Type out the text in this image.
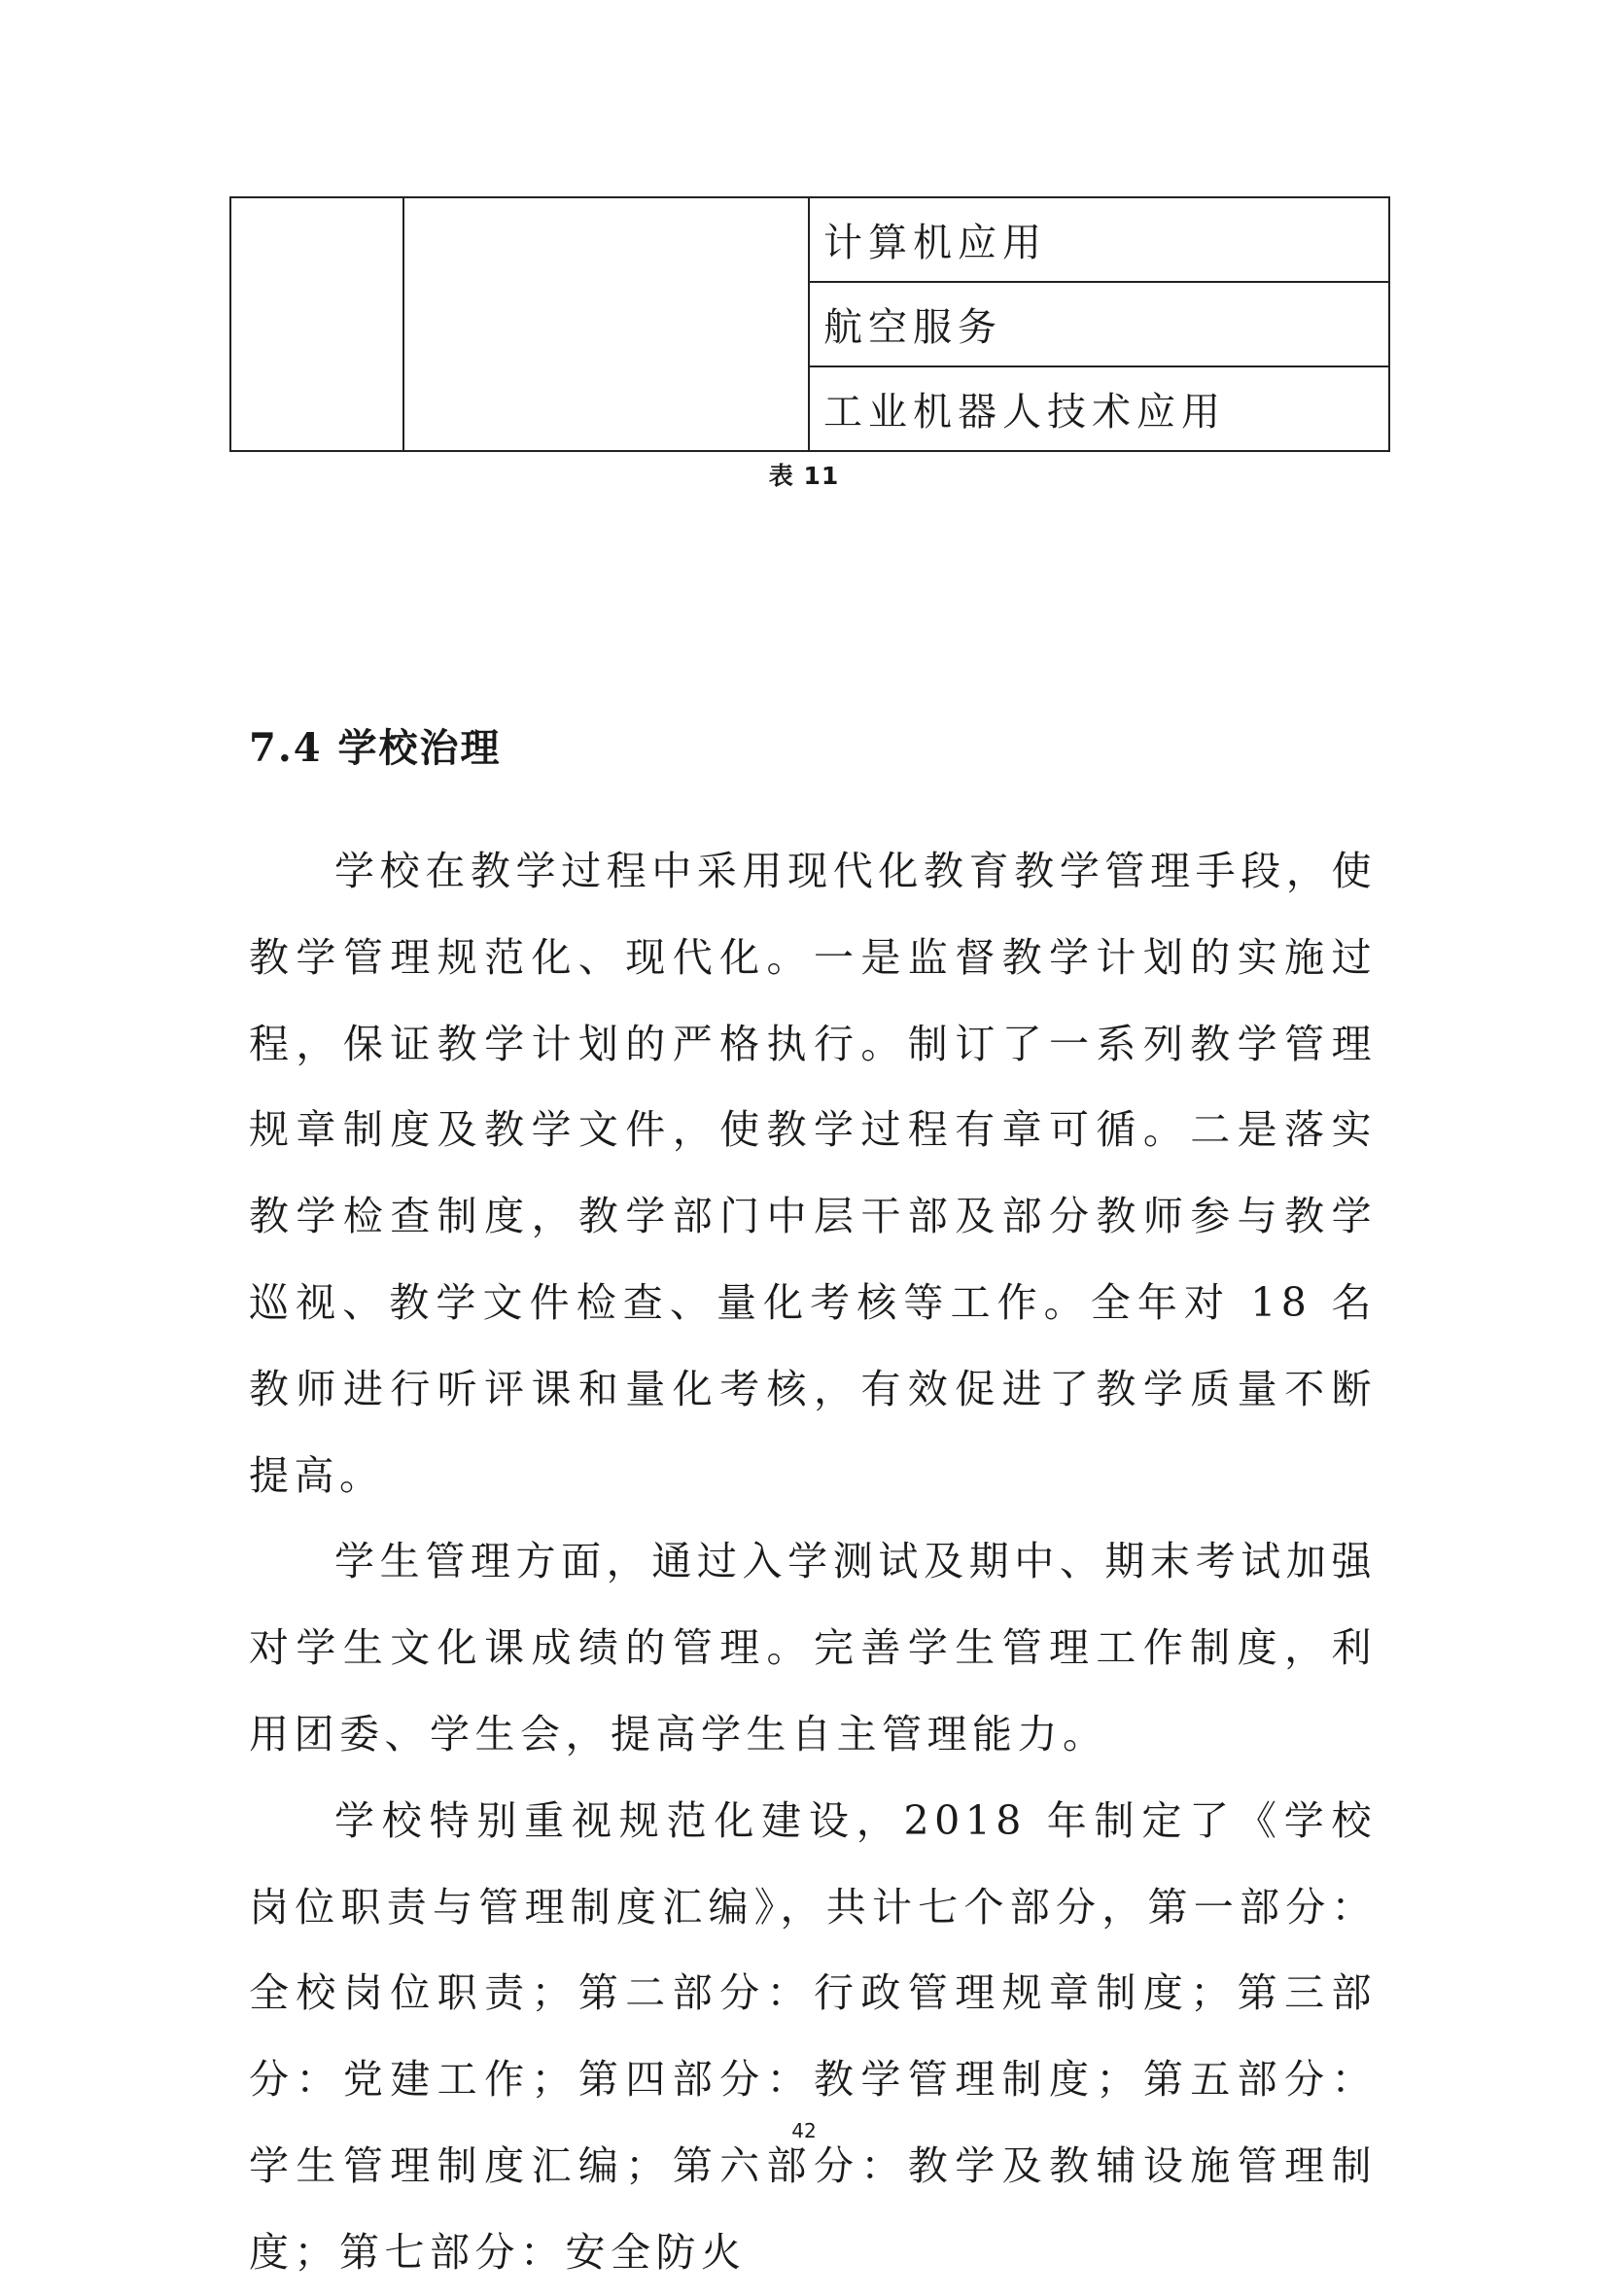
		计算机应用
航空服务
工业机器人技术应用
表 11
7.4 学校治理

学校在教学过程中采用现代化教育教学管理手段，使教学管理规范化、现代化。一是监督教学计划的实施过程，保证教学计划的严格执行。制订了一系列教学管理规章制度及教学文件，使教学过程有章可循。二是落实教学检查制度，教学部门中层干部及部分教师参与教学巡视、教学文件检查、量化考核等工作。全年对 18 名教师进行听评课和量化考核，有效促进了教学质量不断提高。

学生管理方面，通过入学测试及期中、期末考试加强对学生文化课成绩的管理。完善学生管理工作制度，利用团委、学生会，提高学生自主管理能力。

学校特别重视规范化建设，2018 年制定了《学校岗位职责与管理制度汇编》，共计七个部分，第一部分：全校岗位职责；第二部分：行政管理规章制度；第三部分：党建工作；第四部分：教学管理制度；第五部分：学生管理制度汇编；第六部分：教学及教辅设施管理制度；第七部分：安全防火

42
